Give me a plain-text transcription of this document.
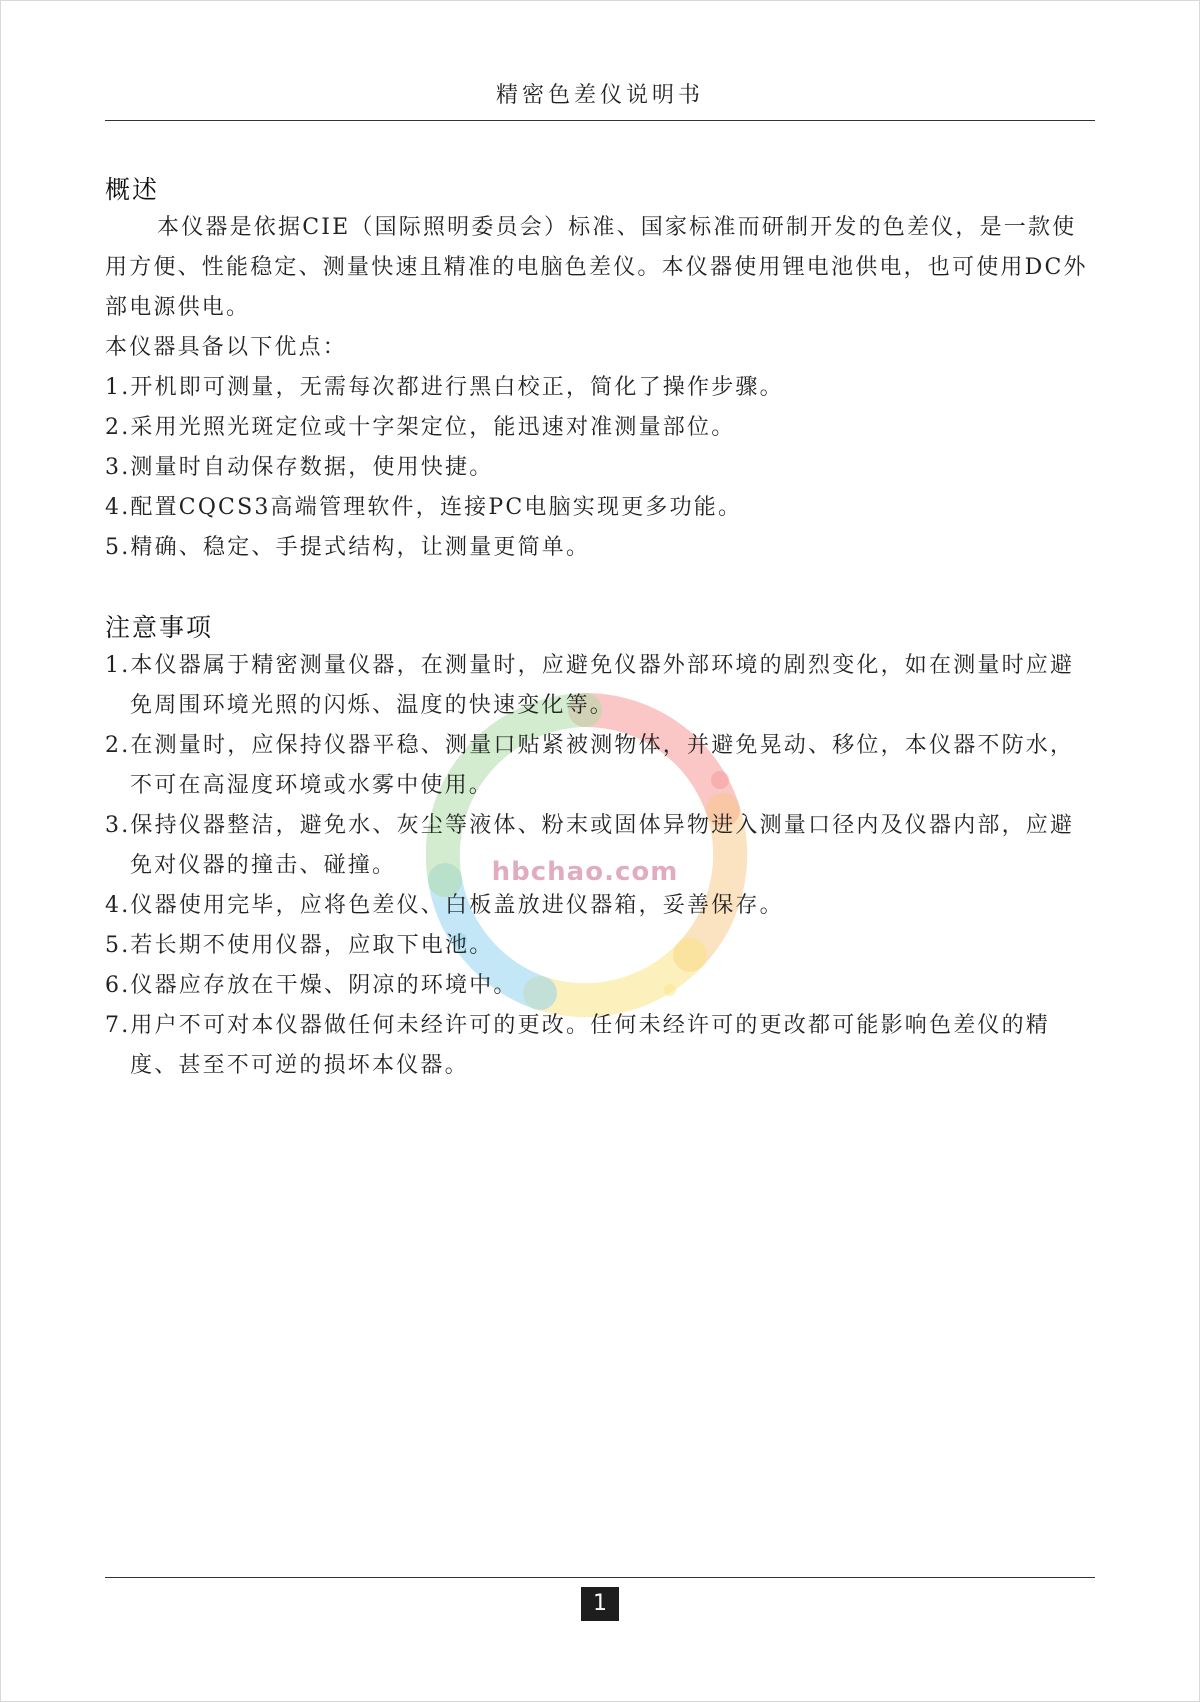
精密色差仪说明书
hbchao.com
概述

本仪器是依据CIE（国际照明委员会）标准、国家标准而研制开发的色差仪，是一款使用方便、性能稳定、测量快速且精准的电脑色差仪。本仪器使用锂电池供电，也可使用DC外部电源供电。

本仪器具备以下优点：

1.开机即可测量，无需每次都进行黑白校正，简化了操作步骤。
2.采用光照光斑定位或十字架定位，能迅速对准测量部位。
3.测量时自动保存数据，使用快捷。
4.配置CQCS3高端管理软件，连接PC电脑实现更多功能。
5.精确、稳定、手提式结构，让测量更简单。
注意事项
1.本仪器属于精密测量仪器，在测量时，应避免仪器外部环境的剧烈变化，如在测量时应避免周围环境光照的闪烁、温度的快速变化等。
2.在测量时，应保持仪器平稳、测量口贴紧被测物体，并避免晃动、移位，本仪器不防水，不可在高湿度环境或水雾中使用。
3.保持仪器整洁，避免水、灰尘等液体、粉末或固体异物进入测量口径内及仪器内部，应避免对仪器的撞击、碰撞。
4.仪器使用完毕，应将色差仪、白板盖放进仪器箱，妥善保存。
5.若长期不使用仪器，应取下电池。
6.仪器应存放在干燥、阴凉的环境中。
7.用户不可对本仪器做任何未经许可的更改。任何未经许可的更改都可能影响色差仪的精度、甚至不可逆的损坏本仪器。
1
